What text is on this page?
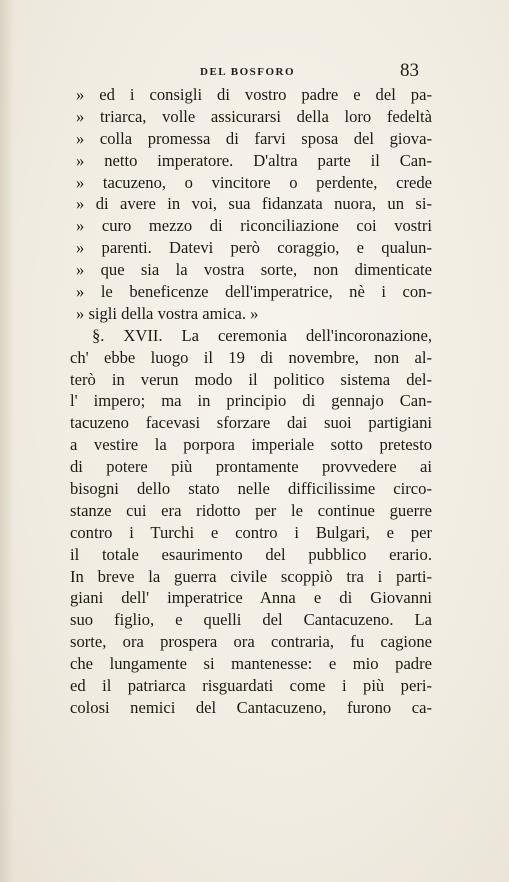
DEL BOSFORO	83
» ed i consigli di vostro padre e del pa-
» triarca, volle assicurarsi della loro fedeltà
» colla promessa di farvi sposa del giova-
» netto imperatore. D'altra parte il Can-
» tacuzeno, o vincitore o perdente, crede
» di avere in voi, sua fidanzata nuora, un si-
» curo mezzo di riconciliazione coi vostri
» parenti. Datevi però coraggio, e qualun-
» que sia la vostra sorte, non dimenticate
» le beneficenze dell'imperatrice, nè i con-
» sigli della vostra amica. »
§. XVII. La ceremonia dell'incoronazione,
ch' ebbe luogo il 19 di novembre, non al-
terò in verun modo il politico sistema del-
l' impero; ma in principio di gennajo Can-
tacuzeno facevasi sforzare dai suoi partigiani
a vestire la porpora imperiale sotto pretesto
di potere più prontamente provvedere ai
bisogni dello stato nelle difficilissime circo-
stanze cui era ridotto per le continue guerre
contro i Turchi e contro i Bulgari, e per
il totale esaurimento del pubblico erario.
In breve la guerra civile scoppiò tra i parti-
giani dell' imperatrice Anna e di Giovanni
suo figlio, e quelli del Cantacuzeno. La
sorte, ora prospera ora contraria, fu cagione
che lungamente si mantenesse: e mio padre
ed il patriarca risguardati come i più peri-
colosi nemici del Cantacuzeno, furono ca-
